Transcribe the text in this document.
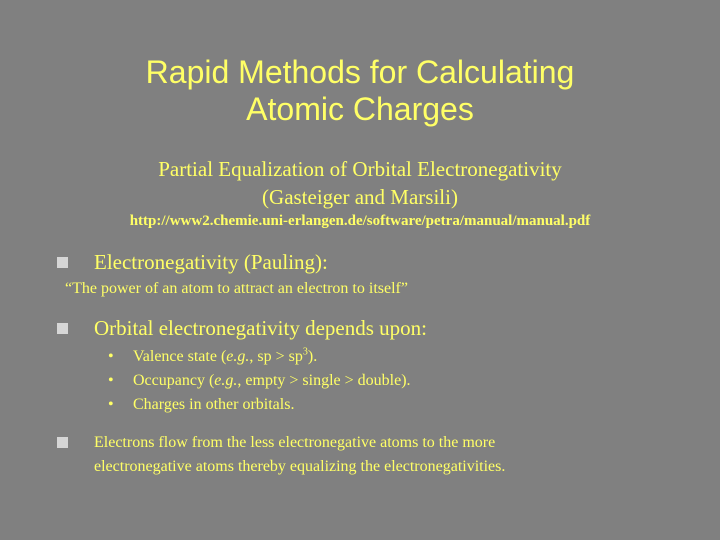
Rapid Methods for Calculating
Atomic Charges
Partial Equalization of Orbital Electronegativity
(Gasteiger and Marsili)
http://www2.chemie.uni-erlangen.de/software/petra/manual/manual.pdf
Electronegativity (Pauling):
“The power of an atom to attract an electron to itself”
Orbital electronegativity depends upon:
• Valence state (e.g., sp > $sp^3$).
• Occupancy (e.g., empty > single > double).
• Charges in other orbitals.
Electrons flow from the less electronegative atoms to the more
electronegative atoms thereby equalizing the electronegativities.
